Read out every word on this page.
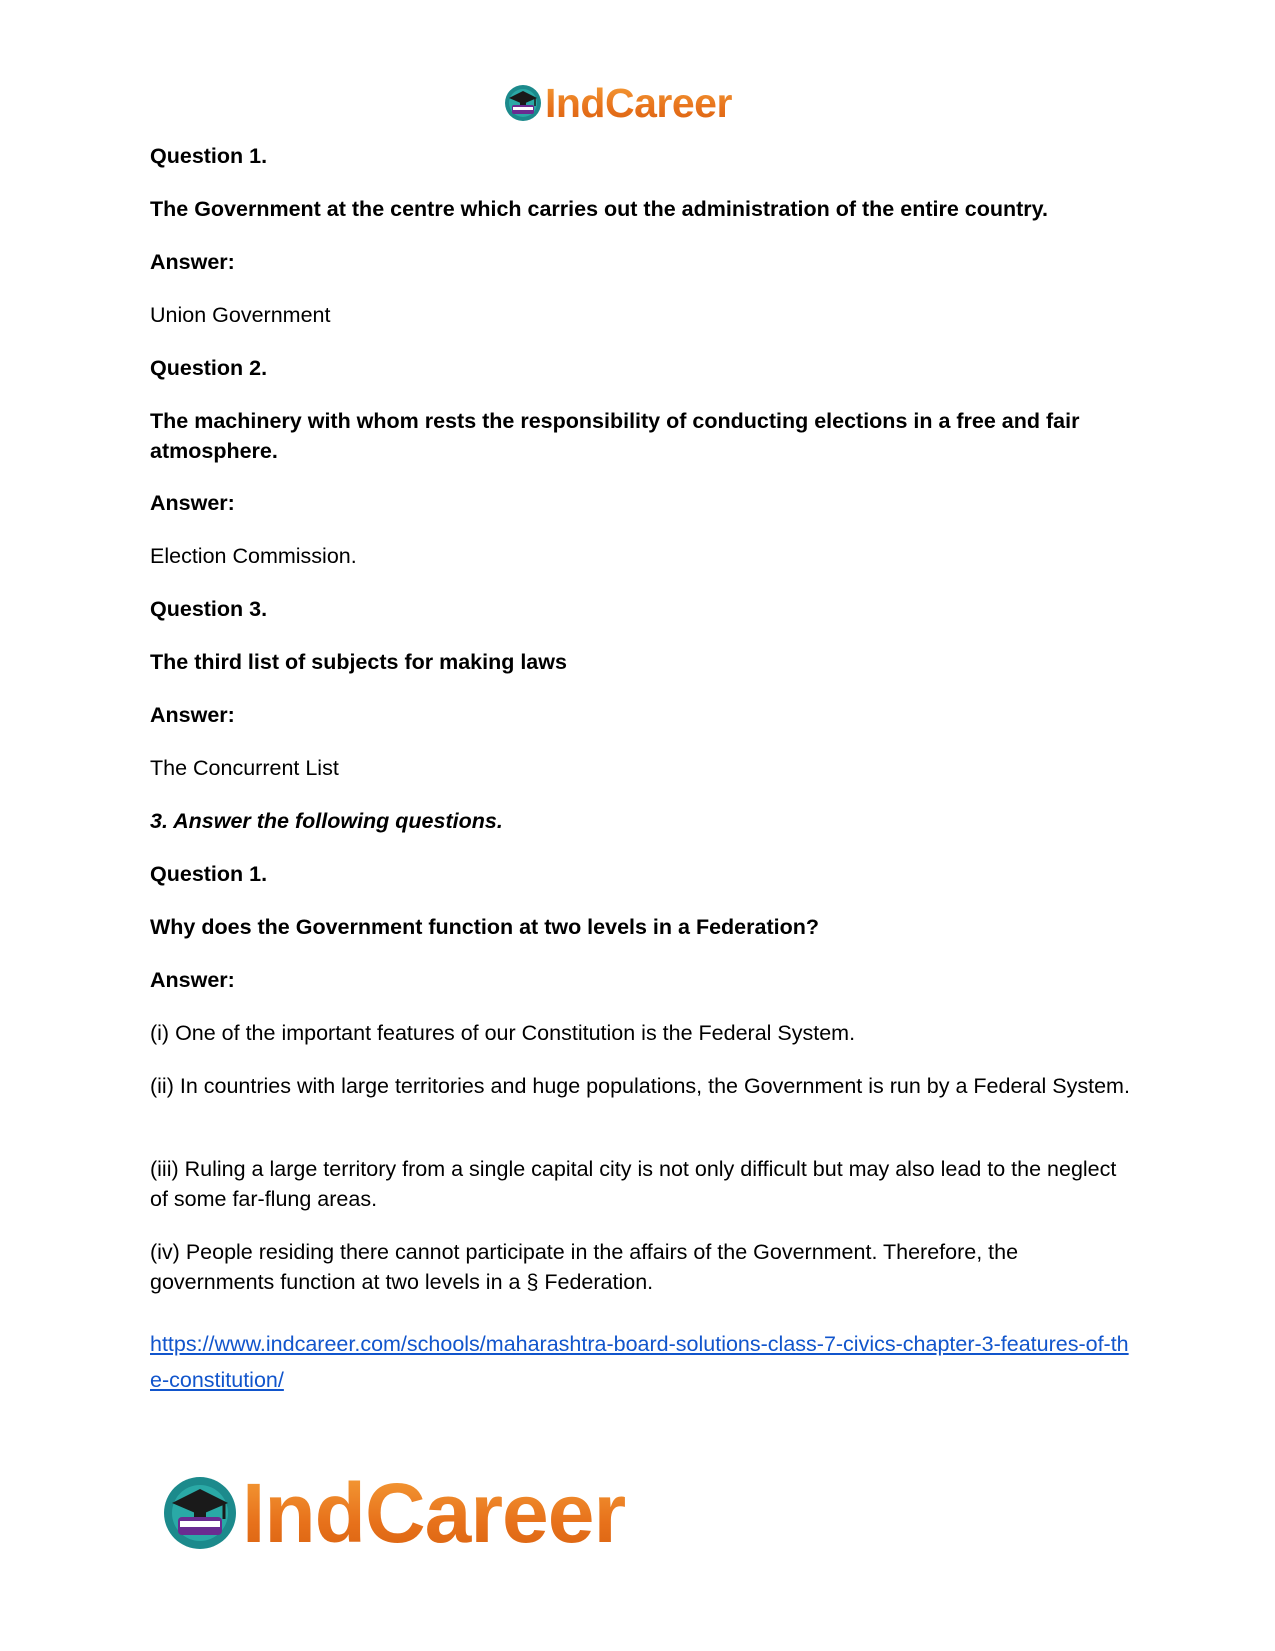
IndCareer

Question 1.

The Government at the centre which carries out the administration of the entire country.

Answer:

Union Government

Question 2.

The machinery with whom rests the responsibility of conducting elections in a free and fair atmosphere.

Answer:

Election Commission.

Question 3.

The third list of subjects for making laws

Answer:

The Concurrent List

3. Answer the following questions.

Question 1.

Why does the Government function at two levels in a Federation?

Answer:

(i) One of the important features of our Constitution is the Federal System.

(ii) In countries with large territories and huge populations, the Government is run by a Federal System.

(iii) Ruling a large territory from a single capital city is not only difficult but may also lead to the neglect of some far-flung areas.

(iv) People residing there cannot participate in the affairs of the Government. Therefore, the governments function at two levels in a § Federation.

https://www.indcareer.com/schools/maharashtra-board-solutions-class-7-civics-chapter-3-features-of-the-constitution/
IndCareer
